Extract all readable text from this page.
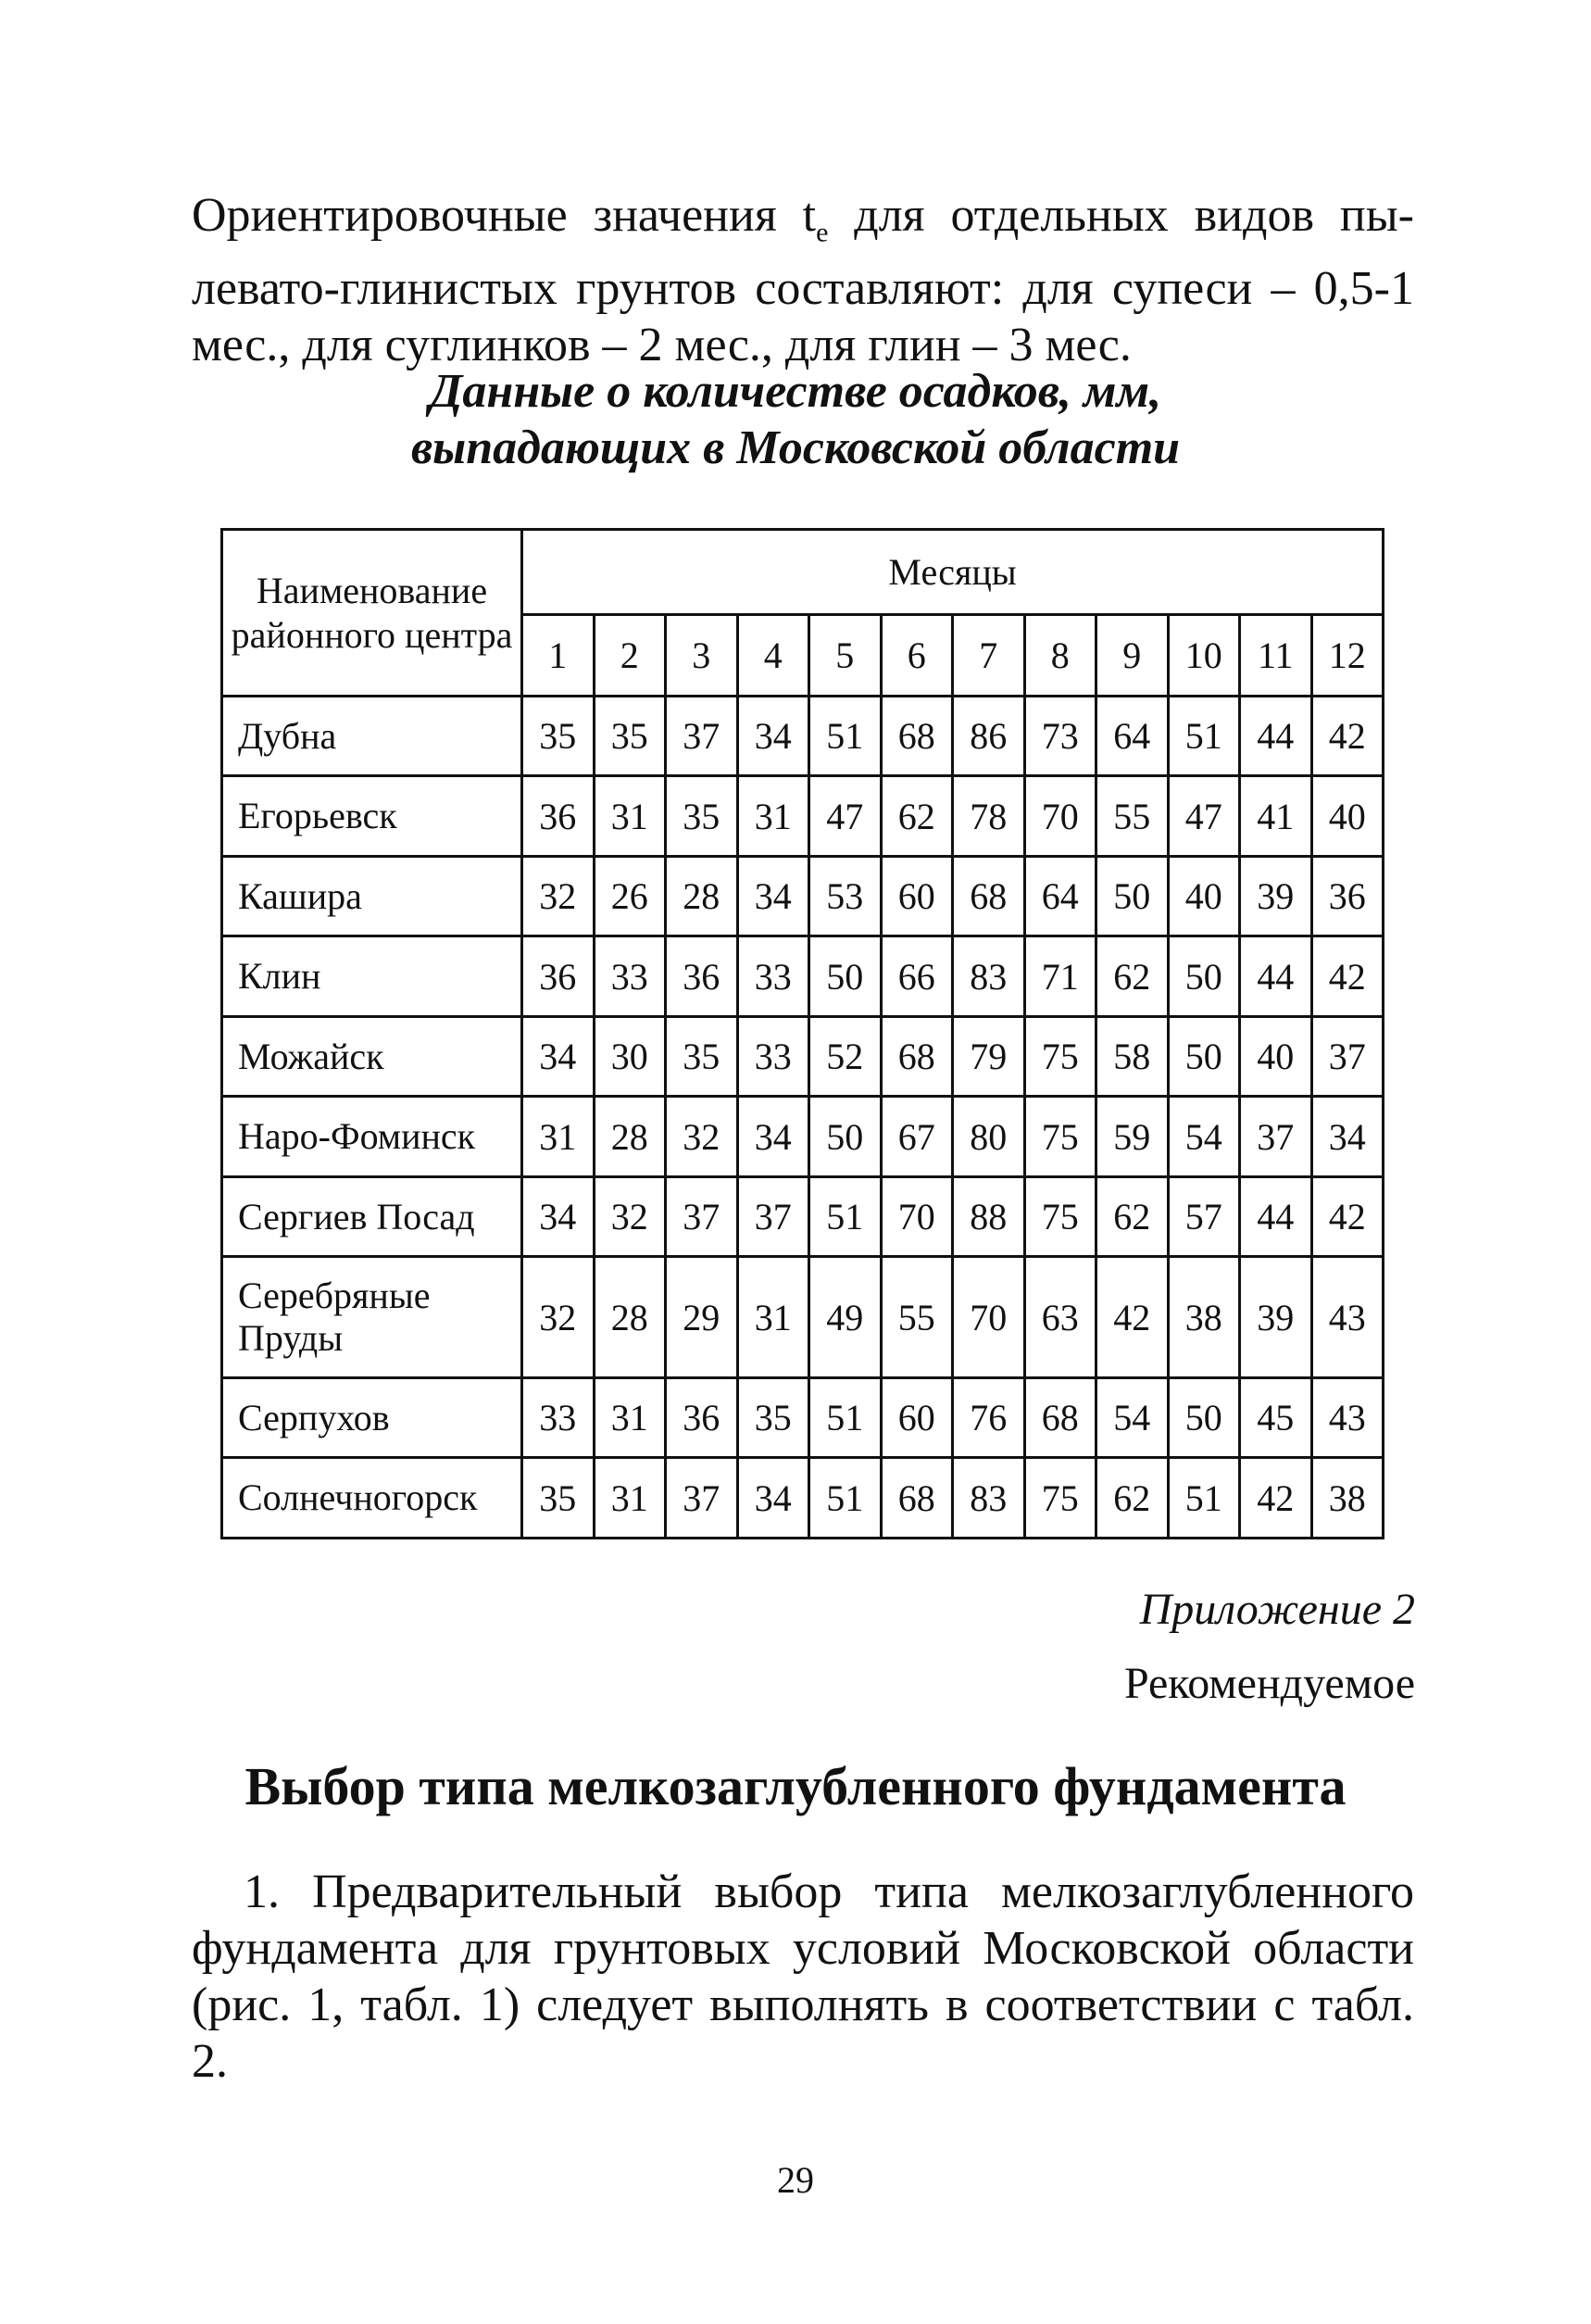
Ориентировочные значения $t_e$ для отдельных видов пы-
левато-глинистых грунтов составляют: для супеси – 0,5-1
мес., для суглинков – 2 мес., для глин – 3 мес.

Данные о количестве осадков, мм,

выпадающих в Московской области

Наименование районного центра	Месяцы											
	1	2	3	4	5	6	7	8	9	10	11	12
Дубна	35	35	37	34	51	68	86	73	64	51	44	42
Егорьевск	36	31	35	31	47	62	78	70	55	47	41	40
Кашира	32	26	28	34	53	60	68	64	50	40	39	36
Клин	36	33	36	33	50	66	83	71	62	50	44	42
Можайск	34	30	35	33	52	68	79	75	58	50	40	37
Наро-Фоминск	31	28	32	34	50	67	80	75	59	54	37	34
Сергиев Посад	34	32	37	37	51	70	88	75	62	57	44	42
Серебряные Пруды	32	28	29	31	49	55	70	63	42	38	39	43
Серпухов	33	31	36	35	51	60	76	68	54	50	45	43
Солнечногорск	35	31	37	34	51	68	83	75	62	51	42	38

Приложение 2

Рекомендуемое

Выбор типа мелкозаглубленного фундамента

1. Предварительный выбор типа мелкозаглубленного
фундамента для грунтовых условий Московской области
(рис. 1, табл. 1) следует выполнять в соответствии с табл. 2.

29
